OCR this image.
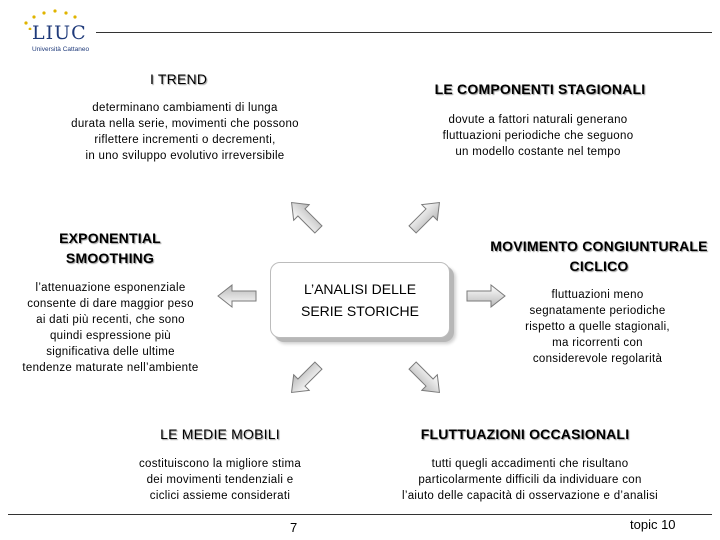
LIUC
Università Cattaneo
I TREND
determinano cambiamenti di lunga
durata nella serie, movimenti che possono
riflettere incrementi o decrementi,
in uno sviluppo evolutivo irreversibile
LE COMPONENTI STAGIONALI
dovute a fattori naturali generano
fluttuazioni periodiche che seguono
un modello costante nel tempo
EXPONENTIAL
SMOOTHING
l’attenuazione esponenziale
consente di dare maggior peso
ai dati più recenti, che sono
quindi espressione più
significativa delle ultime
tendenze maturate nell’ambiente
MOVIMENTO CONGIUNTURALE
CICLICO
fluttuazioni meno
segnatamente periodiche
rispetto a quelle stagionali,
ma ricorrenti con
considerevole regolarità
L’ANALISI DELLE
SERIE STORICHE
LE MEDIE MOBILI
costituiscono la migliore stima
dei movimenti tendenziali e
ciclici assieme considerati
FLUTTUAZIONI OCCASIONALI
tutti quegli accadimenti che risultano
particolarmente difficili da individuare con
l’aiuto delle capacità di osservazione e d’analisi
7	topic 10
